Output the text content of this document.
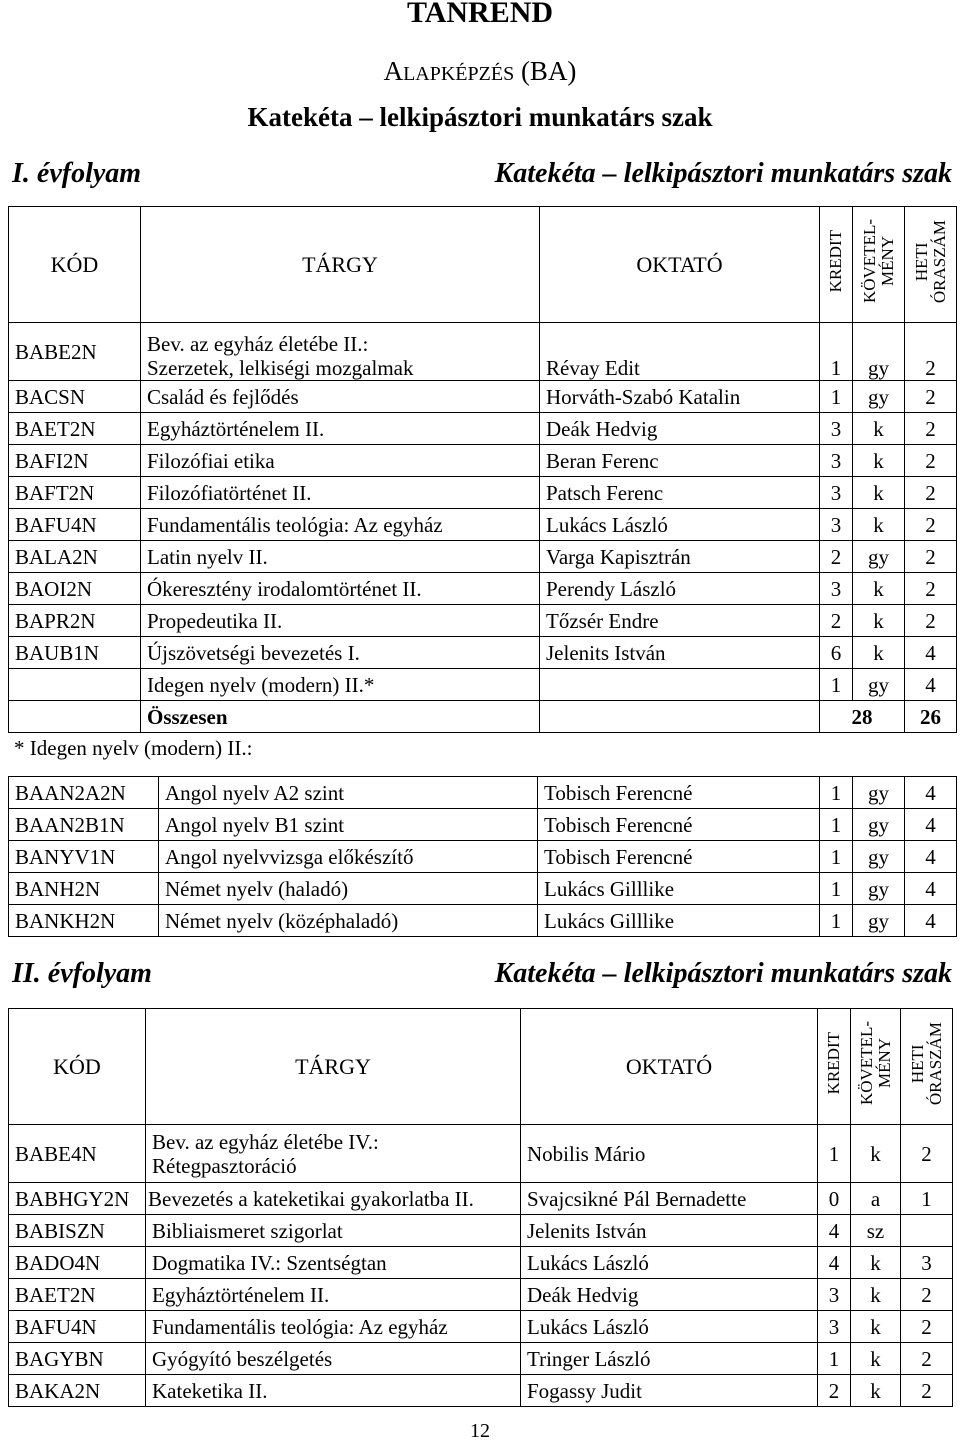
TANREND
ALAPKÉPZÉS (BA)
Katekéta – lelkipásztori munkatárs szak
I. évfolyam	Katekéta – lelkipásztori munkatárs szak
KÓD	TÁRGY	OKTATÓ	KREDIT	KÖVETEL-
MÉNY	HETI
ÓRASZÁM
BABE2N	Bev. az egyház életébe II.:
Szerzetek, lelkiségi mozgalmak	Révay Edit	1	gy	2
BACSN	Család és fejlődés	Horváth-Szabó Katalin	1	gy	2
BAET2N	Egyháztörténelem II.	Deák Hedvig	3	k	2
BAFI2N	Filozófiai etika	Beran Ferenc	3	k	2
BAFT2N	Filozófiatörténet II.	Patsch Ferenc	3	k	2
BAFU4N	Fundamentális teológia: Az egyház	Lukács László	3	k	2
BALA2N	Latin nyelv II.	Varga Kapisztrán	2	gy	2
BAOI2N	Ókeresztény irodalomtörténet II.	Perendy László	3	k	2
BAPR2N	Propedeutika II.	Tőzsér Endre	2	k	2
BAUB1N	Újszövetségi bevezetés I.	Jelenits István	6	k	4
	Idegen nyelv (modern) II.*		1	gy	4
	Összesen		28		26
* Idegen nyelv (modern) II.:
BAAN2A2N	Angol nyelv A2 szint	Tobisch Ferencné	1	gy	4
BAAN2B1N	Angol nyelv B1 szint	Tobisch Ferencné	1	gy	4
BANYV1N	Angol nyelvvizsga előkészítő	Tobisch Ferencné	1	gy	4
BANH2N	Német nyelv (haladó)	Lukács Gilllike	1	gy	4
BANKH2N	Német nyelv (középhaladó)	Lukács Gilllike	1	gy	4
II. évfolyam	Katekéta – lelkipásztori munkatárs szak
KÓD	TÁRGY	OKTATÓ	KREDIT	KÖVETEL-
MÉNY	HETI
ÓRASZÁM
BABE4N	Bev. az egyház életébe IV.:
Rétegpasztoráció	Nobilis Mário	1	k	2
BABHGY2N	Bevezetés a kateketikai gyakorlatba II.	Svajcsikné Pál Bernadette	0	a	1
BABISZN	Bibliaismeret szigorlat	Jelenits István	4	sz	
BADO4N	Dogmatika IV.: Szentségtan	Lukács László	4	k	3
BAET2N	Egyháztörténelem II.	Deák Hedvig	3	k	2
BAFU4N	Fundamentális teológia: Az egyház	Lukács László	3	k	2
BAGYBN	Gyógyító beszélgetés	Tringer László	1	k	2
BAKA2N	Kateketika II.	Fogassy Judit	2	k	2
12
